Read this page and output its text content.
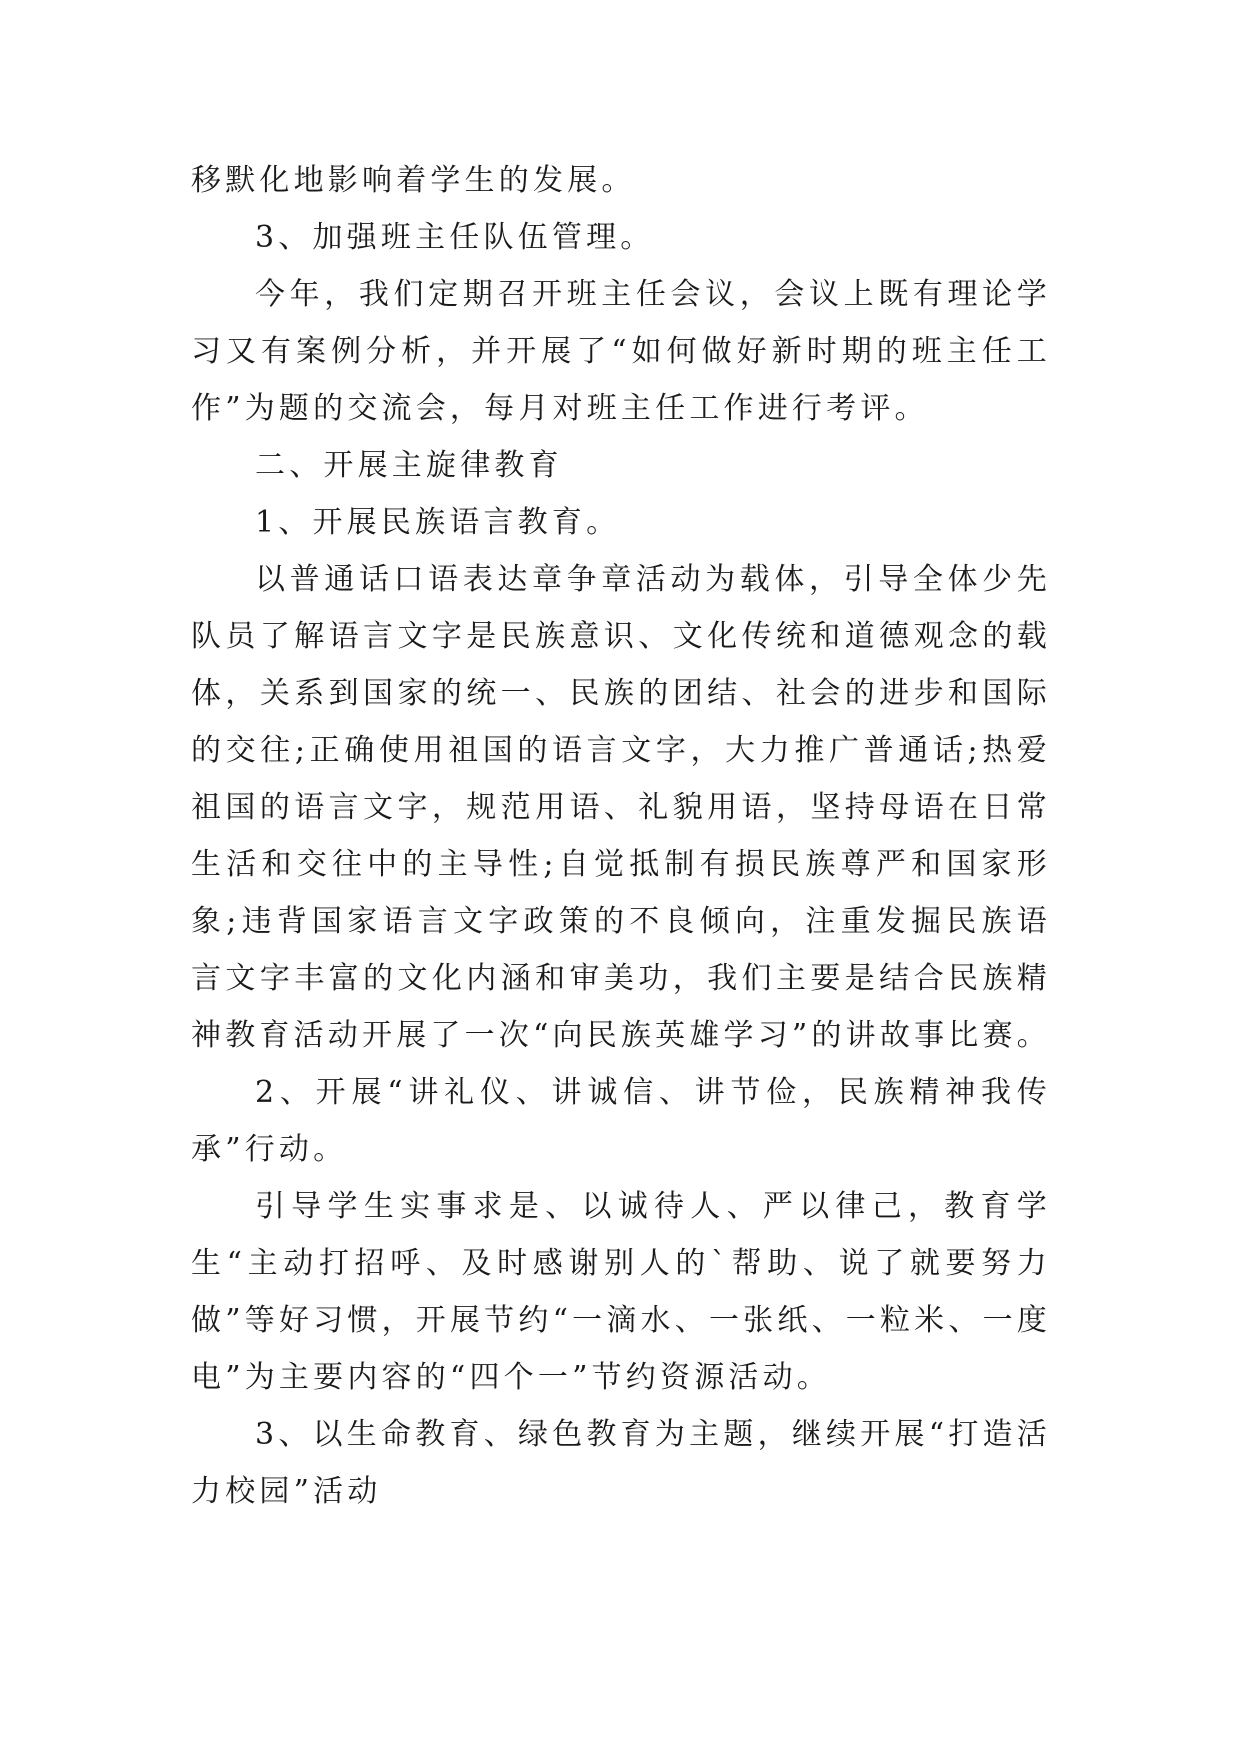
移默化地影响着学生的发展。

3、加强班主任队伍管理。

今年，我们定期召开班主任会议，会议上既有理论学习又有案例分析，并开展了“如何做好新时期的班主任工作”为题的交流会，每月对班主任工作进行考评。

二、开展主旋律教育

1、开展民族语言教育。

以普通话口语表达章争章活动为载体，引导全体少先队员了解语言文字是民族意识、文化传统和道德观念的载体，关系到国家的统一、民族的团结、社会的进步和国际的交往;正确使用祖国的语言文字，大力推广普通话;热爱祖国的语言文字，规范用语、礼貌用语，坚持母语在日常生活和交往中的主导性;自觉抵制有损民族尊严和国家形象;违背国家语言文字政策的不良倾向，注重发掘民族语言文字丰富的文化内涵和审美功，我们主要是结合民族精神教育活动开展了一次“向民族英雄学习”的讲故事比赛。

2、开展“讲礼仪、讲诚信、讲节俭，民族精神我传承”行动。

引导学生实事求是、以诚待人、严以律己，教育学生“主动打招呼、及时感谢别人的`帮助、说了就要努力做”等好习惯，开展节约“一滴水、一张纸、一粒米、一度电”为主要内容的“四个一”节约资源活动。

3、以生命教育、绿色教育为主题，继续开展“打造活力校园”活动
